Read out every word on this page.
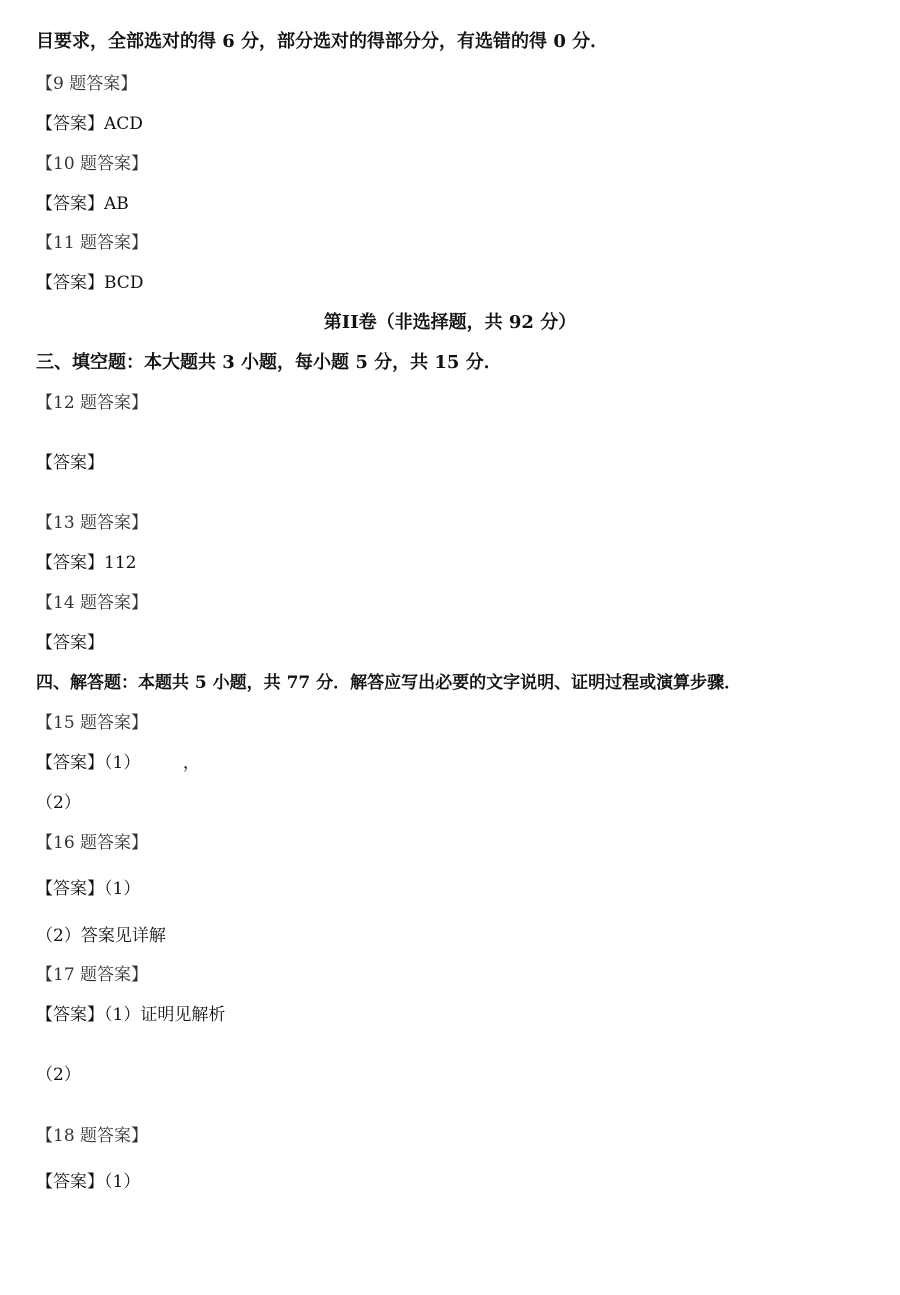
目要求，全部选对的得 6 分，部分选对的得部分分，有选错的得 0 分．
【9 题答案】
【答案】ACD
【10 题答案】
【答案】AB
【11 题答案】
【答案】BCD
第II卷（非选择题，共 92 分）
三、填空题：本大题共 3 小题，每小题 5 分，共 15 分．
【12 题答案】
【答案】
【13 题答案】
【答案】112
【14 题答案】
【答案】
四、解答题：本题共 5 小题，共 77 分．解答应写出必要的文字说明、证明过程或演算步骤．
【15 题答案】
【答案】（1）　　　，
（2）
【16 题答案】
【答案】（1）
（2）答案见详解
【17 题答案】
【答案】（1）证明见解析
（2）
【18 题答案】
【答案】（1）
